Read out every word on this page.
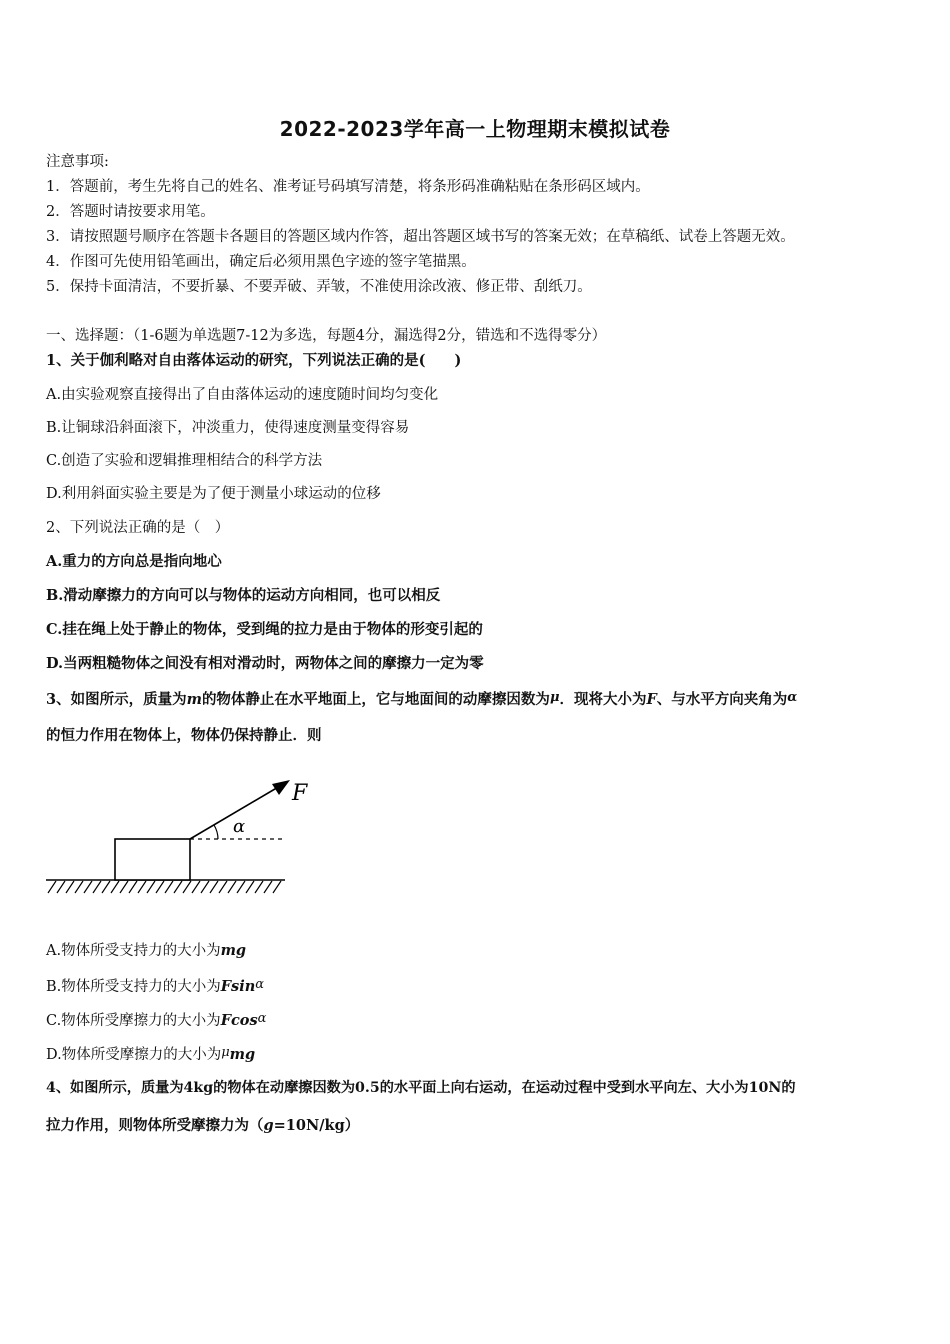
2022-2023学年高一上物理期末模拟试卷
注意事项:
1．答题前，考生先将自己的姓名、准考证号码填写清楚，将条形码准确粘贴在条形码区域内。
2．答题时请按要求用笔。
3．请按照题号顺序在答题卡各题目的答题区域内作答，超出答题区域书写的答案无效；在草稿纸、试卷上答题无效。
4．作图可先使用铅笔画出，确定后必须用黑色字迹的签字笔描黑。
5．保持卡面清洁，不要折暴、不要弄破、弄皱，不准使用涂改液、修正带、刮纸刀。
一、选择题：（1-6题为单选题7-12为多选，每题4分，漏选得2分，错选和不选得零分）
1、关于伽利略对自由落体运动的研究，下列说法正确的是(　　)
A.由实验观察直接得出了自由落体运动的速度随时间均匀变化
B.让铜球沿斜面滚下，冲淡重力，使得速度测量变得容易
C.创造了实验和逻辑推理相结合的科学方法
D.利用斜面实验主要是为了便于测量小球运动的位移
2、下列说法正确的是（　）
A.重力的方向总是指向地心
B.滑动摩擦力的方向可以与物体的运动方向相同，也可以相反
C.挂在绳上处于静止的物体，受到绳的拉力是由于物体的形变引起的
D.当两粗糙物体之间没有相对滑动时，两物体之间的摩擦力一定为零
3、如图所示，质量为m的物体静止在水平地面上，它与地面间的动摩擦因数为μ．现将大小为F、与水平方向夹角为α
的恒力作用在物体上，物体仍保持静止．则
F
α
A.物体所受支持力的大小为mg
B.物体所受支持力的大小为Fsinα
C.物体所受摩擦力的大小为Fcosα
D.物体所受摩擦力的大小为μmg
4、如图所示，质量为4kg的物体在动摩擦因数为0.5的水平面上向右运动，在运动过程中受到水平向左、大小为10N的
拉力作用，则物体所受摩擦力为（g=10N/kg）
